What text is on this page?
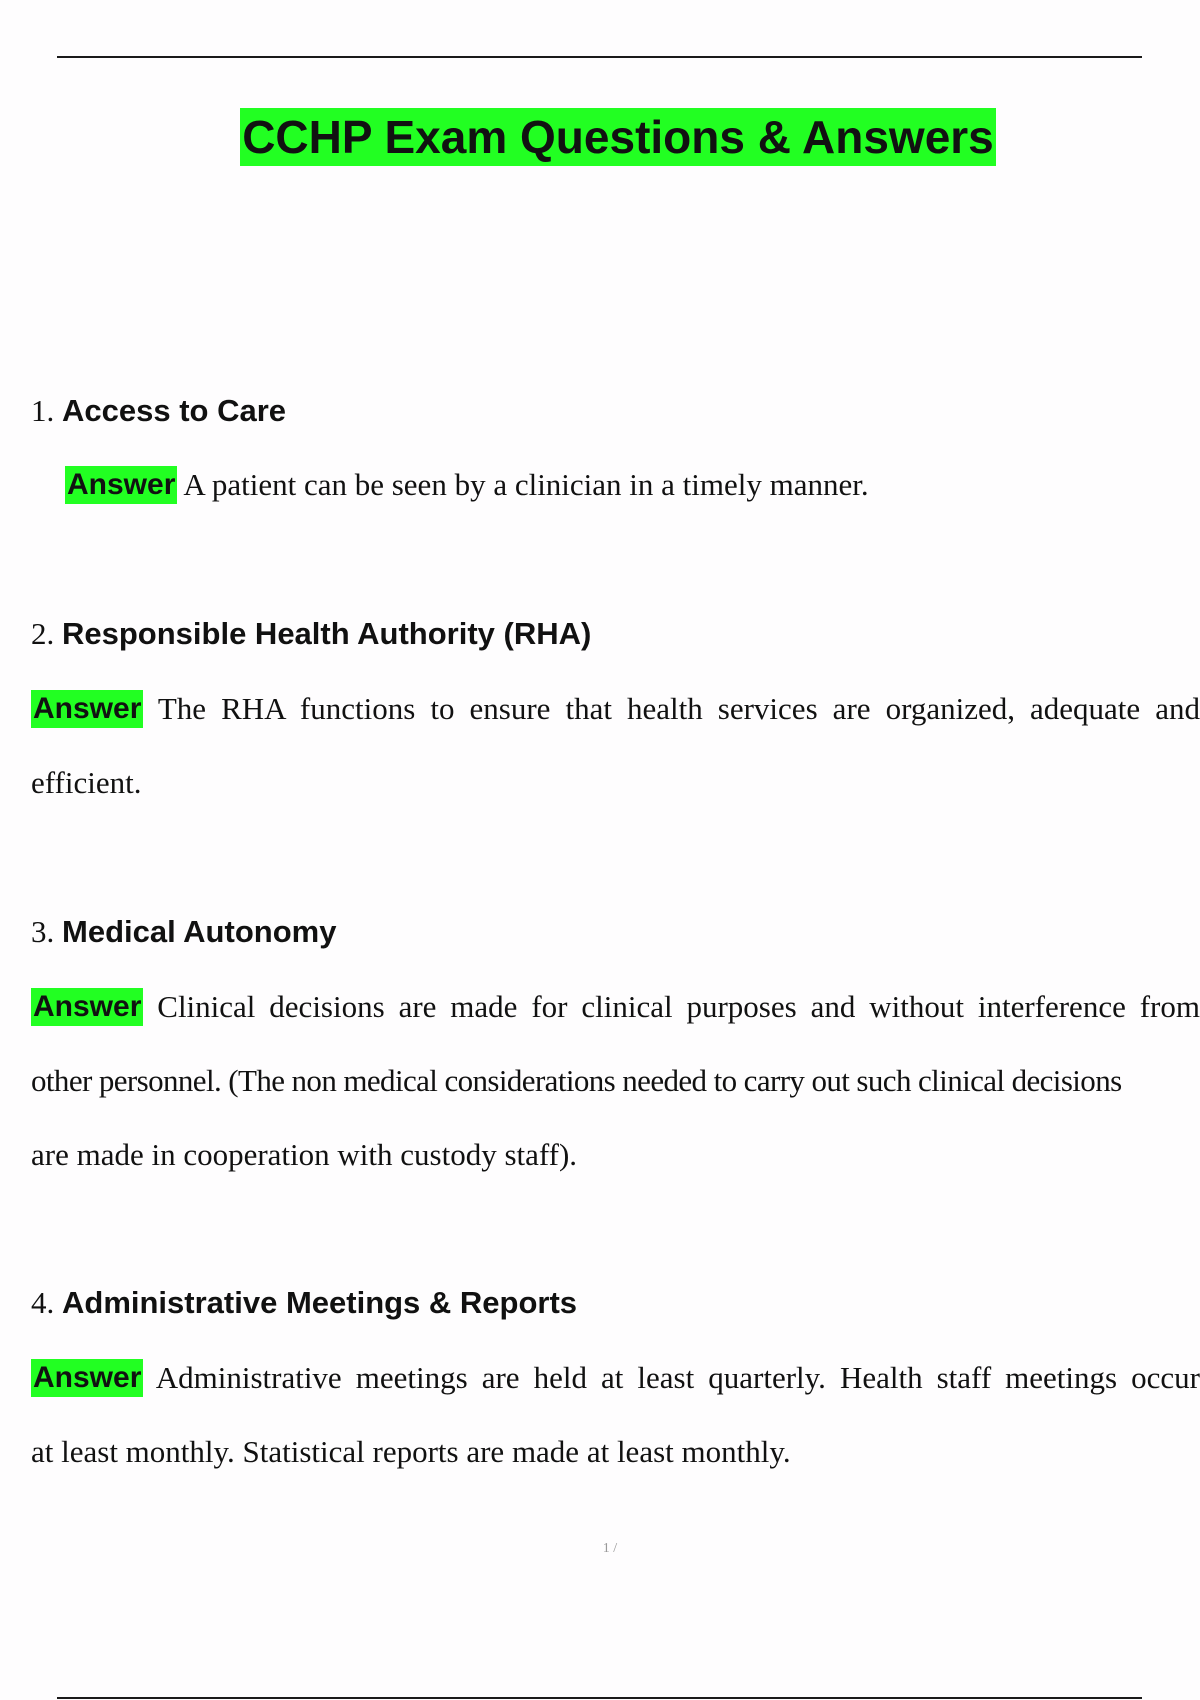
CCHP Exam Questions & Answers
1. Access to Care
Answer A patient can be seen by a clinician in a timely manner.
2. Responsible Health Authority (RHA)
Answer The RHA functions to ensure that health services are organized, adequate and
efficient.
3. Medical Autonomy
Answer Clinical decisions are made for clinical purposes and without interference from
other personnel. (The non medical considerations needed to carry out such clinical decisions
are made in cooperation with custody staff).
4. Administrative Meetings & Reports
Answer Administrative meetings are held at least quarterly. Health staff meetings occur
at least monthly. Statistical reports are made at least monthly.
1 /
